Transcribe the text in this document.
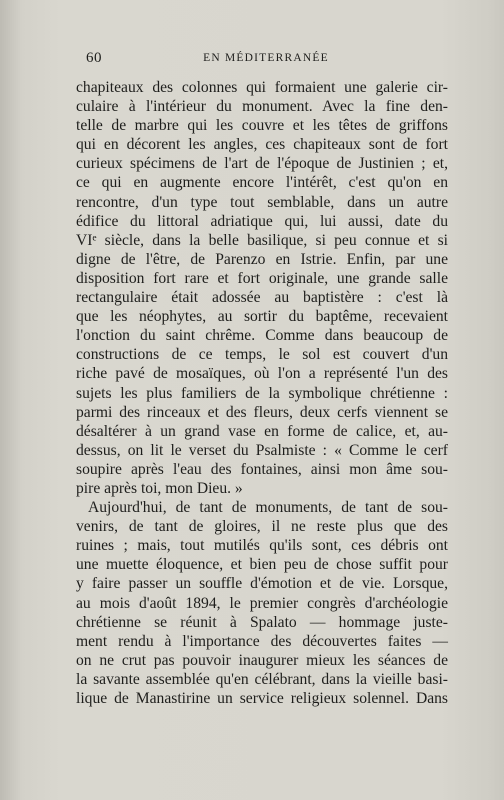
60	EN MÉDITERRANÉE
chapiteaux des colonnes qui formaient une galerie cir-
culaire à l'intérieur du monument. Avec la fine den-
telle de marbre qui les couvre et les têtes de griffons
qui en décorent les angles, ces chapiteaux sont de fort
curieux spécimens de l'art de l'époque de Justinien ; et,
ce qui en augmente encore l'intérêt, c'est qu'on en
rencontre, d'un type tout semblable, dans un autre
édifice du littoral adriatique qui, lui aussi, date du
VIᵉ siècle, dans la belle basilique, si peu connue et si
digne de l'être, de Parenzo en Istrie. Enfin, par une
disposition fort rare et fort originale, une grande salle
rectangulaire était adossée au baptistère : c'est là
que les néophytes, au sortir du baptême, recevaient
l'onction du saint chrême. Comme dans beaucoup de
constructions de ce temps, le sol est couvert d'un
riche pavé de mosaïques, où l'on a représenté l'un des
sujets les plus familiers de la symbolique chrétienne :
parmi des rinceaux et des fleurs, deux cerfs viennent se
désaltérer à un grand vase en forme de calice, et, au-
dessus, on lit le verset du Psalmiste : « Comme le cerf
soupire après l'eau des fontaines, ainsi mon âme sou-
pire après toi, mon Dieu. »
Aujourd'hui, de tant de monuments, de tant de sou-
venirs, de tant de gloires, il ne reste plus que des
ruines ; mais, tout mutilés qu'ils sont, ces débris ont
une muette éloquence, et bien peu de chose suffit pour
y faire passer un souffle d'émotion et de vie. Lorsque,
au mois d'août 1894, le premier congrès d'archéologie
chrétienne se réunit à Spalato — hommage juste-
ment rendu à l'importance des découvertes faites —
on ne crut pas pouvoir inaugurer mieux les séances de
la savante assemblée qu'en célébrant, dans la vieille basi-
lique de Manastirine un service religieux solennel. Dans
